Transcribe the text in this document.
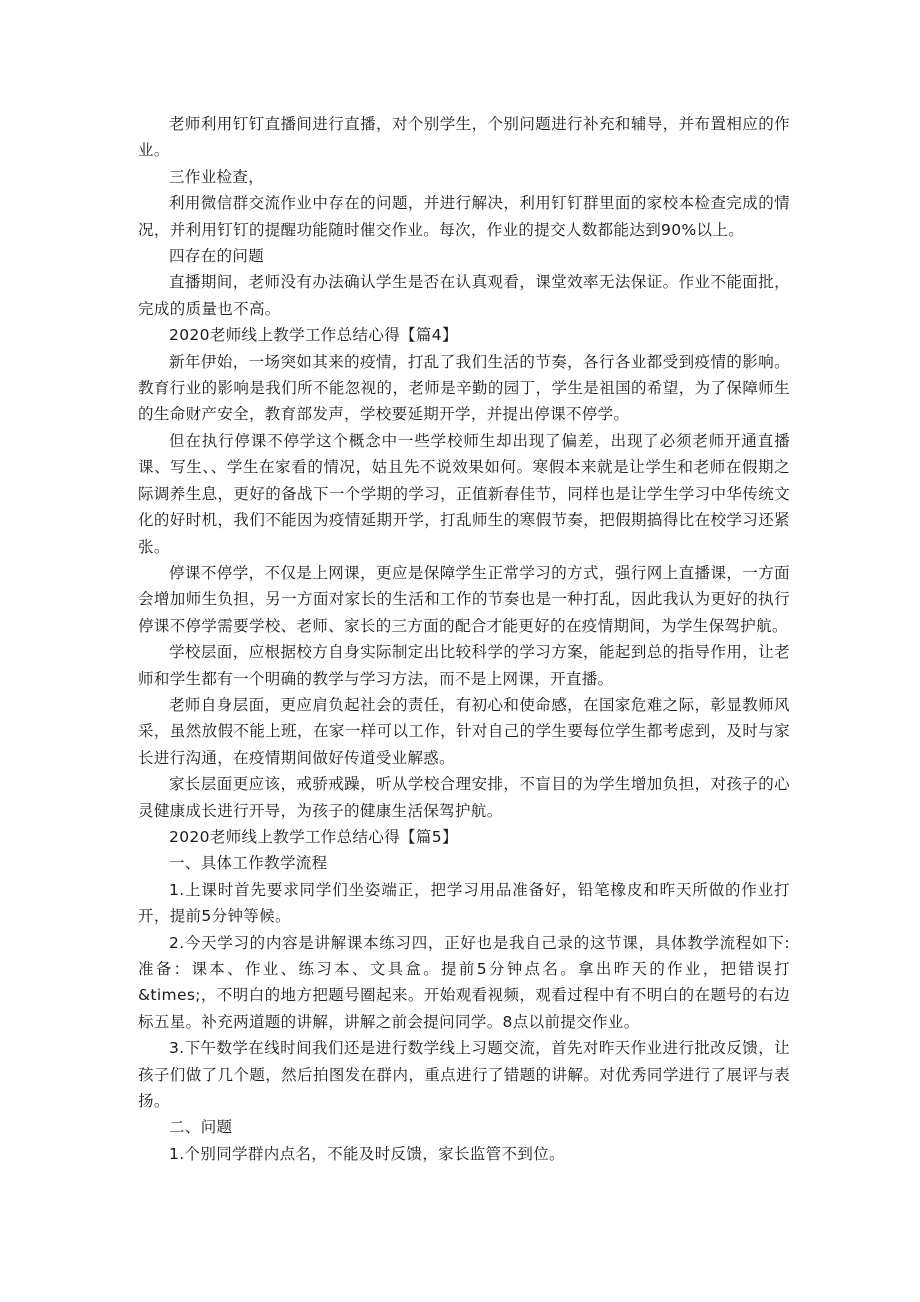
老师利用钉钉直播间进行直播，对个别学生，个别问题进行补充和辅导，并布置相应的作业。

三作业检查，

利用微信群交流作业中存在的问题，并进行解决，利用钉钉群里面的家校本检查完成的情况，并利用钉钉的提醒功能随时催交作业。每次，作业的提交人数都能达到90%以上。

四存在的问题

直播期间，老师没有办法确认学生是否在认真观看，课堂效率无法保证。作业不能面批，完成的质量也不高。

2020老师线上教学工作总结心得【篇4】

新年伊始，一场突如其来的疫情，打乱了我们生活的节奏，各行各业都受到疫情的影响。教育行业的影响是我们所不能忽视的，老师是辛勤的园丁，学生是祖国的希望，为了保障师生的生命财产安全，教育部发声，学校要延期开学，并提出停课不停学。

但在执行停课不停学这个概念中一些学校师生却出现了偏差，出现了必须老师开通直播课、写生、、学生在家看的情况，姑且先不说效果如何。寒假本来就是让学生和老师在假期之际调养生息，更好的备战下一个学期的学习，正值新春佳节，同样也是让学生学习中华传统文化的好时机，我们不能因为疫情延期开学，打乱师生的寒假节奏，把假期搞得比在校学习还紧张。

停课不停学，不仅是上网课，更应是保障学生正常学习的方式，强行网上直播课，一方面会增加师生负担，另一方面对家长的生活和工作的节奏也是一种打乱，因此我认为更好的执行停课不停学需要学校、老师、家长的三方面的配合才能更好的在疫情期间，为学生保驾护航。

学校层面，应根据校方自身实际制定出比较科学的学习方案，能起到总的指导作用，让老师和学生都有一个明确的教学与学习方法，而不是上网课，开直播。

老师自身层面，更应肩负起社会的责任，有初心和使命感，在国家危难之际，彰显教师风采，虽然放假不能上班，在家一样可以工作，针对自己的学生要每位学生都考虑到，及时与家长进行沟通，在疫情期间做好传道受业解惑。

家长层面更应该，戒骄戒躁，听从学校合理安排，不盲目的为学生增加负担，对孩子的心灵健康成长进行开导，为孩子的健康生活保驾护航。

2020老师线上教学工作总结心得【篇5】

一、具体工作教学流程

1.上课时首先要求同学们坐姿端正，把学习用品准备好，铅笔橡皮和昨天所做的作业打开，提前5分钟等候。

2.今天学习的内容是讲解课本练习四，正好也是我自己录的这节课，具体教学流程如下:准备：课本、作业、练习本、文具盒。提前5分钟点名。拿出昨天的作业，把错误打&times;，不明白的地方把题号圈起来。开始观看视频，观看过程中有不明白的在题号的右边标五星。补充两道题的讲解，讲解之前会提问同学。8点以前提交作业。

3.下午数学在线时间我们还是进行数学线上习题交流，首先对昨天作业进行批改反馈，让孩子们做了几个题，然后拍图发在群内，重点进行了错题的讲解。对优秀同学进行了展评与表扬。

二、问题

1.个别同学群内点名，不能及时反馈，家长监管不到位。
